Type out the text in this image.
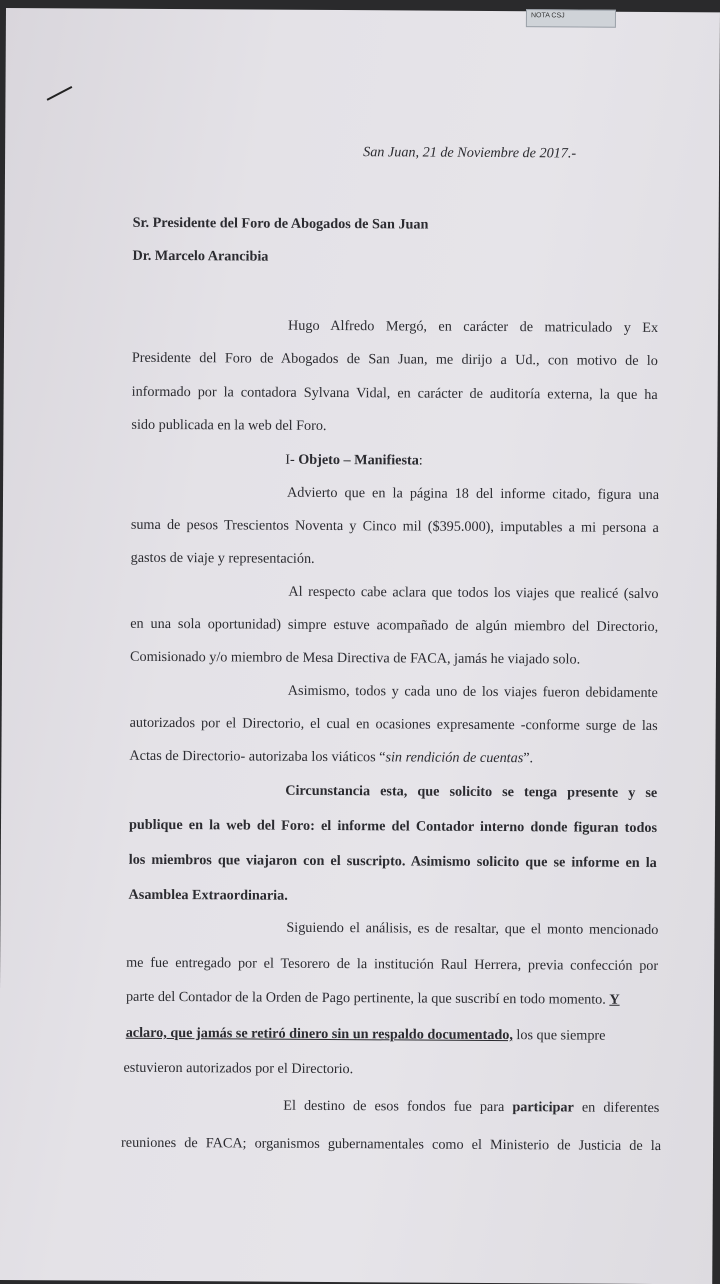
NOTA CSJ

San Juan, 21 de Noviembre de 2017.-

Sr. Presidente del Foro de Abogados de San Juan

Dr. Marcelo Arancibia

Hugo Alfredo Mergó, en carácter de matriculado y Ex

Presidente del Foro de Abogados de San Juan, me dirijo a Ud., con motivo de lo

informado por la contadora Sylvana Vidal, en carácter de auditoría externa, la que ha

sido publicada en la web del Foro.

I- Objeto – Manifiesta:

Advierto que en la página 18 del informe citado, figura una

suma de pesos Trescientos Noventa y Cinco mil ($395.000), imputables a mi persona a

gastos de viaje y representación.

Al respecto cabe aclara que todos los viajes que realicé (salvo

en una sola oportunidad) simpre estuve acompañado de algún miembro del Directorio,

Comisionado y/o miembro de Mesa Directiva de FACA, jamás he viajado solo.

Asimismo, todos y cada uno de los viajes fueron debidamente

autorizados por el Directorio, el cual en ocasiones expresamente -conforme surge de las

Actas de Directorio- autorizaba los viáticos “sin rendición de cuentas”.

Circunstancia esta, que solicito se tenga presente y se

publique en la web del Foro: el informe del Contador interno donde figuran todos

los miembros que viajaron con el suscripto. Asimismo solicito que se informe en la

Asamblea Extraordinaria.

Siguiendo el análisis, es de resaltar, que el monto mencionado

me fue entregado por el Tesorero de la institución Raul Herrera, previa confección por

parte del Contador de la Orden de Pago pertinente, la que suscribí en todo momento. Y

aclaro, que jamás se retiró dinero sin un respaldo documentado, los que siempre

estuvieron autorizados por el Directorio.

El destino de esos fondos fue para participar en diferentes

reuniones de FACA; organismos gubernamentales como el Ministerio de Justicia de la
